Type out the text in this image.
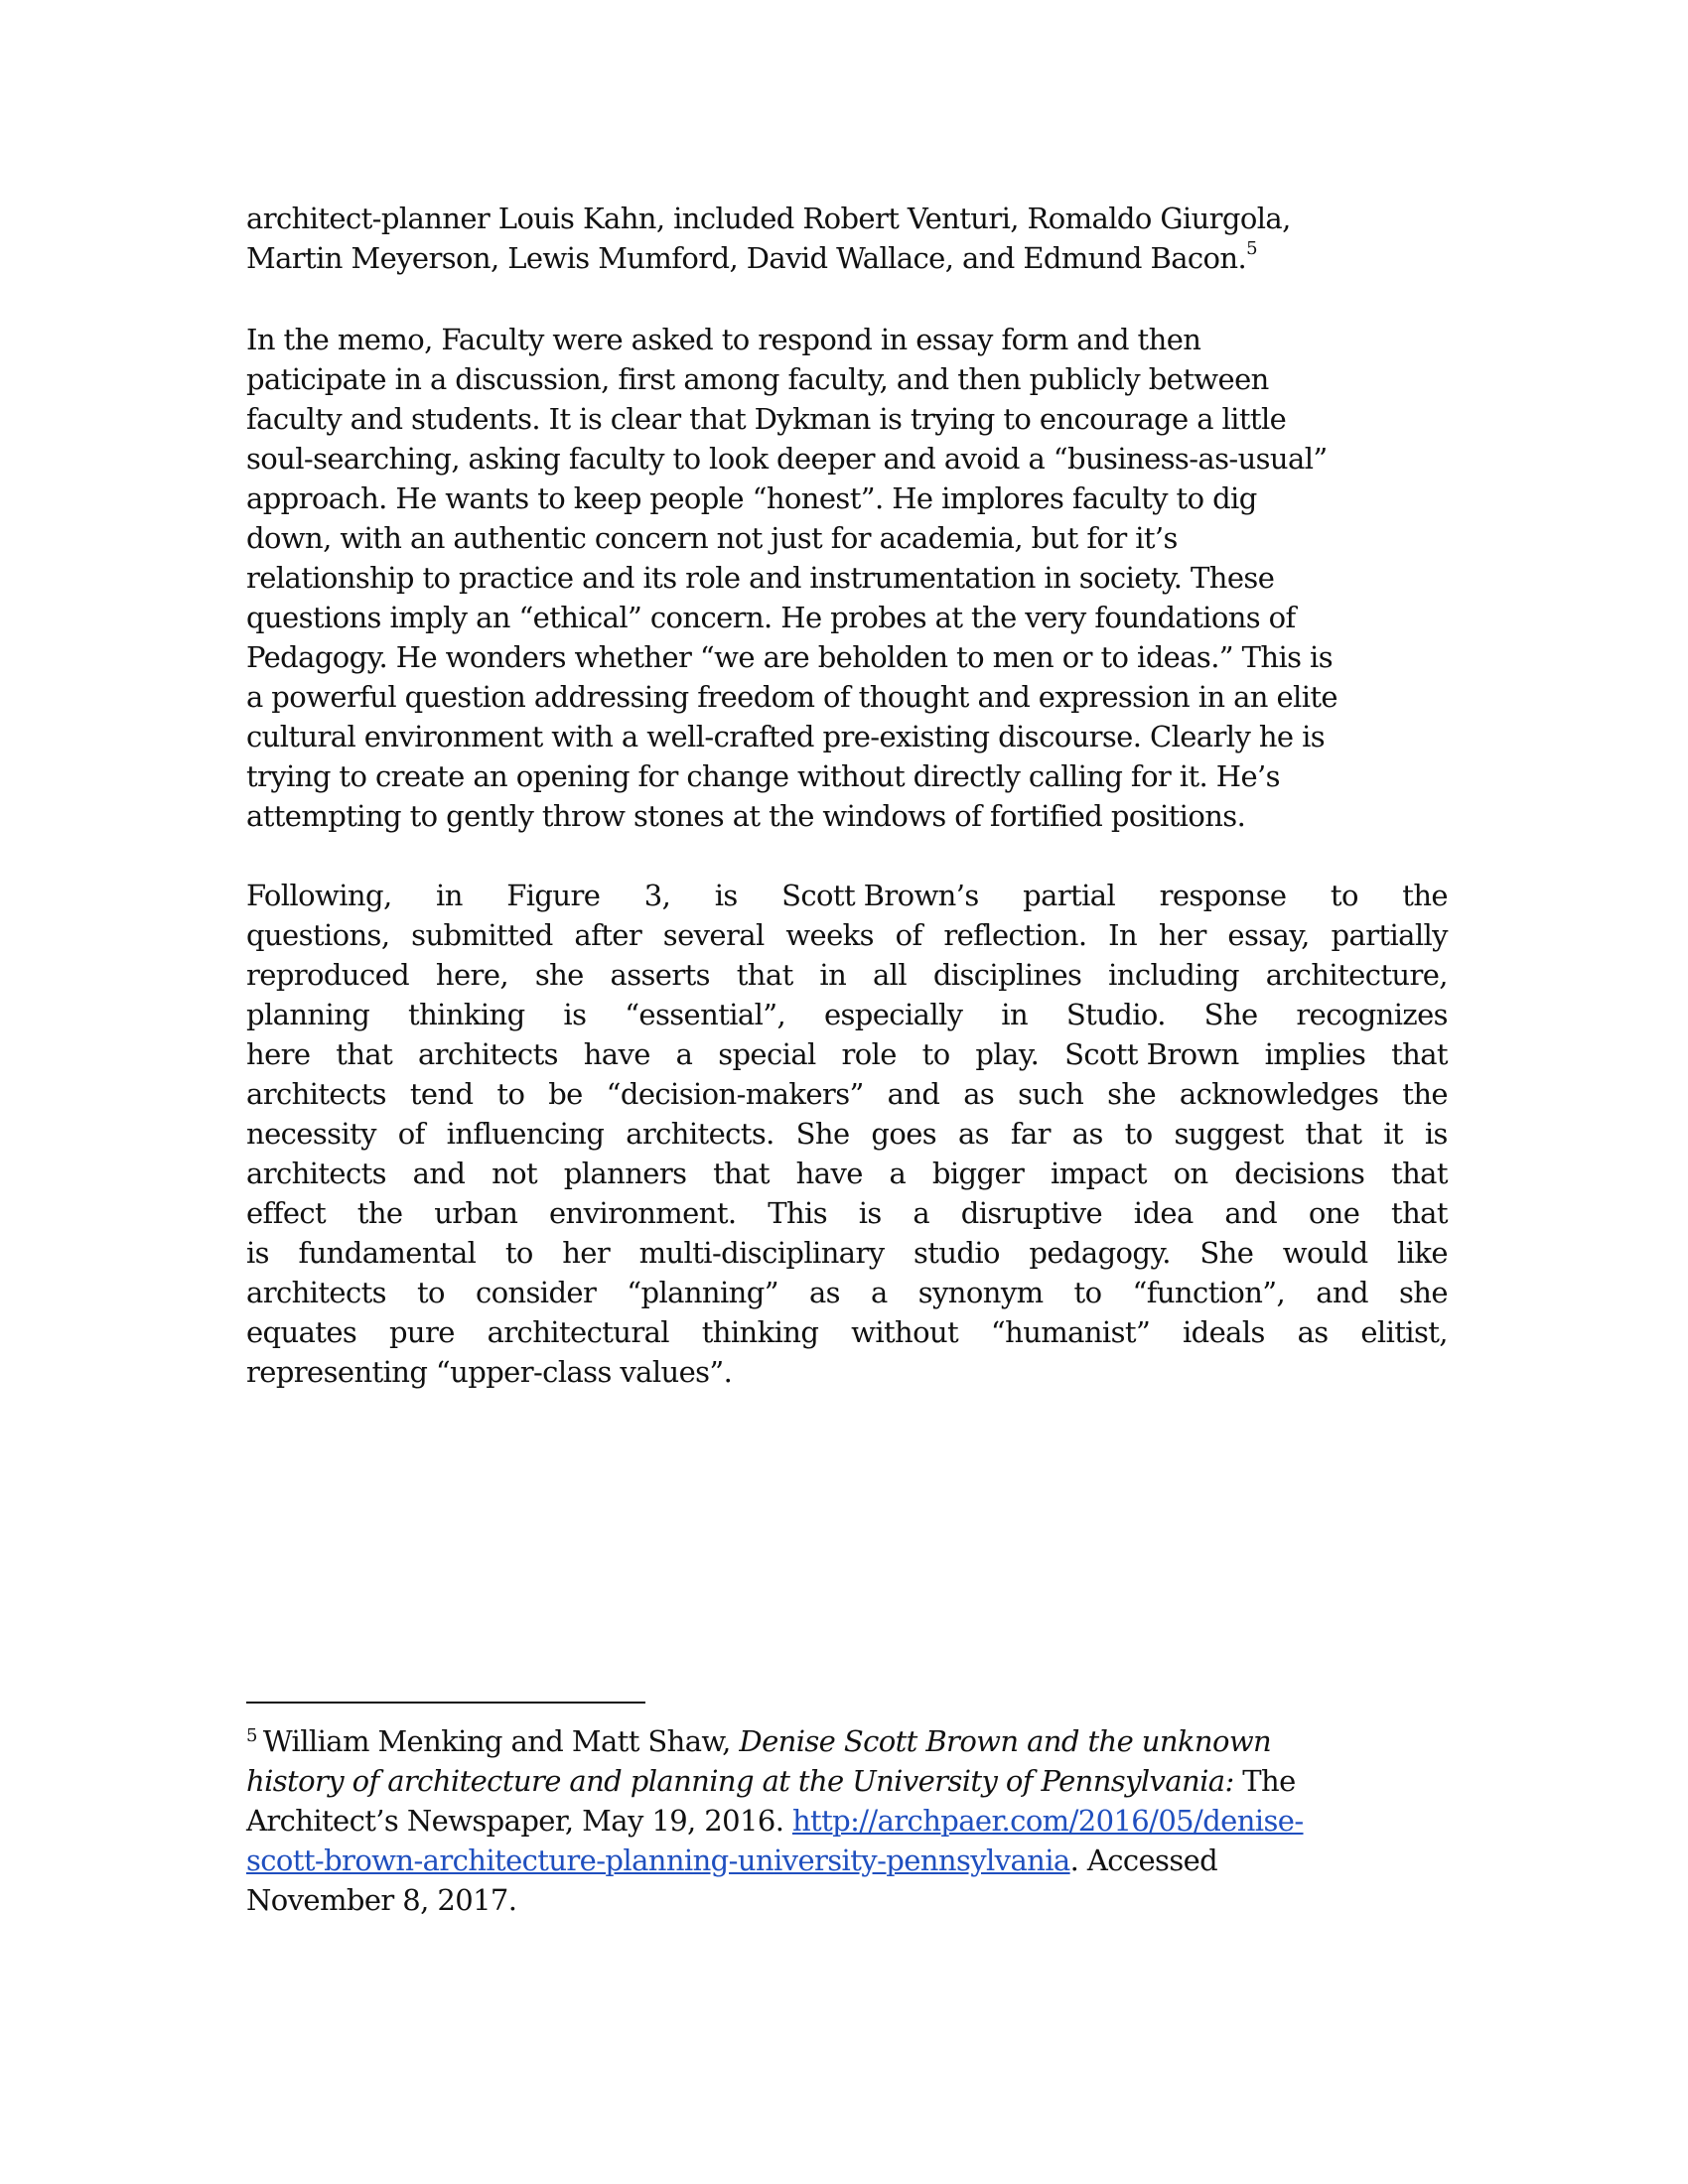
architect-planner Louis Kahn, included Robert Venturi, Romaldo Giurgola,
Martin Meyerson, Lewis Mumford, David Wallace, and Edmund Bacon.$^5$
In the memo, Faculty were asked to respond in essay form and then
paticipate in a discussion, first among faculty, and then publicly between
faculty and students. It is clear that Dykman is trying to encourage a little
soul-searching, asking faculty to look deeper and avoid a “business-as-usual”
approach. He wants to keep people “honest”. He implores faculty to dig
down, with an authentic concern not just for academia, but for it’s
relationship to practice and its role and instrumentation in society. These
questions imply an “ethical” concern. He probes at the very foundations of
Pedagogy. He wonders whether “we are beholden to men or to ideas.” This is
a powerful question addressing freedom of thought and expression in an elite
cultural environment with a well-crafted pre-existing discourse. Clearly he is
trying to create an opening for change without directly calling for it. He’s
attempting to gently throw stones at the windows of fortified positions.
Following, in Figure 3, is Scott Brown’s partial response to the
questions, submitted after several weeks of reflection. In her essay, partially
reproduced here, she asserts that in all disciplines including architecture,
planning thinking is “essential”, especially in Studio. She recognizes
here that architects have a special role to play. Scott Brown implies that
architects tend to be “decision-makers” and as such she acknowledges the
necessity of influencing architects. She goes as far as to suggest that it is
architects and not planners that have a bigger impact on decisions that
effect the urban environment. This is a disruptive idea and one that
is fundamental to her multi-disciplinary studio pedagogy. She would like
architects to consider “planning” as a synonym to “function”, and she
equates pure architectural thinking without “humanist” ideals as elitist,
representing “upper-class values”.
$^5$ William Menking and Matt Shaw, Denise Scott Brown and the unknown
history of architecture and planning at the University of Pennsylvania: The
Architect’s Newspaper, May 19, 2016. http://archpaer.com/2016/05/denise-
scott-brown-architecture-planning-university-pennsylvania. Accessed
November 8, 2017.
